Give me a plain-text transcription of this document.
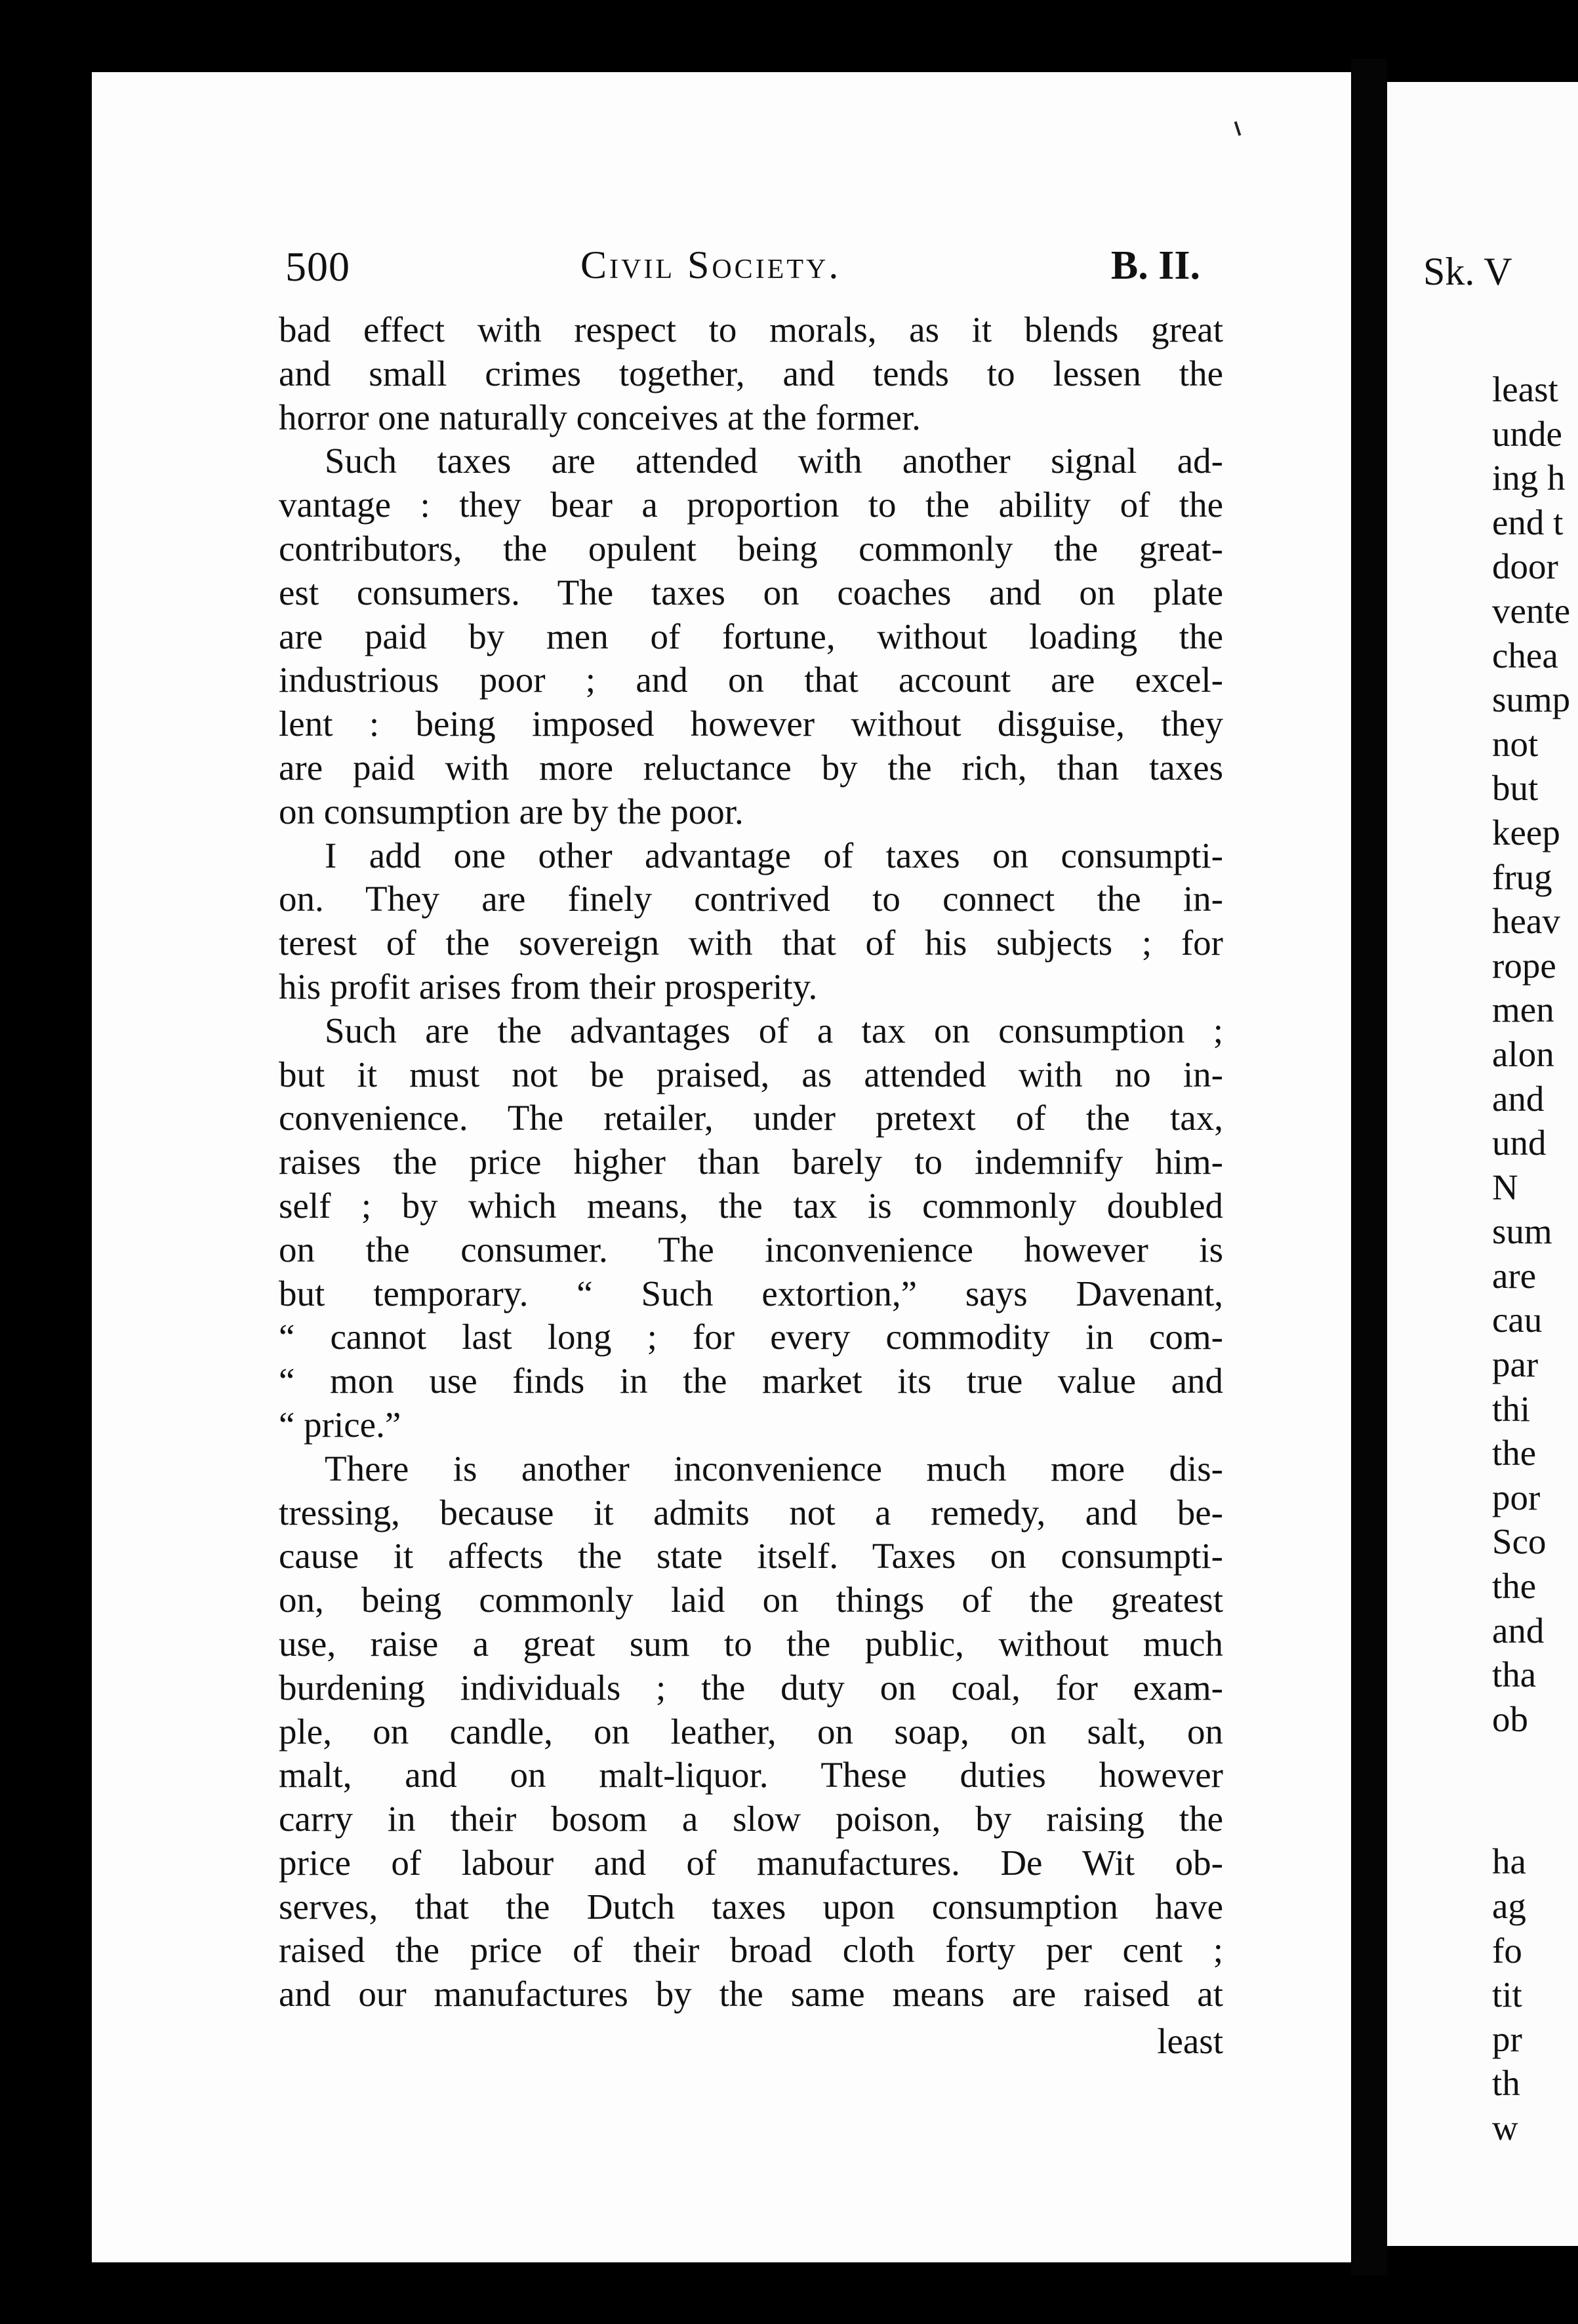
Sk. V
least
unde
ing h
end t
door
vente
chea
sump
not
but
keep
frug
heav
rope
men
alon
and
und
N
sum
are
cau
par
thi
the
por
Sco
the
and
tha
ob
ha
ag
fo
tit
pr
th
w
500	Civil Society.	B. II.
bad effect with respect to morals, as it blends great
and small crimes together, and tends to lessen the
horror one naturally conceives at the former.
Such taxes are attended with another signal ad-
vantage : they bear a proportion to the ability of the
contributors, the opulent being commonly the great-
est consumers. The taxes on coaches and on plate
are paid by men of fortune, without loading the
industrious poor ; and on that account are excel-
lent : being imposed however without disguise, they
are paid with more reluctance by the rich, than taxes
on consumption are by the poor.
I add one other advantage of taxes on consumpti-
on. They are finely contrived to connect the in-
terest of the sovereign with that of his subjects ; for
his profit arises from their prosperity.
Such are the advantages of a tax on consumption ;
but it must not be praised, as attended with no in-
convenience. The retailer, under pretext of the tax,
raises the price higher than barely to indemnify him-
self ; by which means, the tax is commonly doubled
on the consumer. The inconvenience however is
but temporary. “ Such extortion,” says Davenant,
“ cannot last long ; for every commodity in com-
“ mon use finds in the market its true value and
“ price.”
There is another inconvenience much more dis-
tressing, because it admits not a remedy, and be-
cause it affects the state itself. Taxes on consumpti-
on, being commonly laid on things of the greatest
use, raise a great sum to the public, without much
burdening individuals ; the duty on coal, for exam-
ple, on candle, on leather, on soap, on salt, on
malt, and on malt-liquor. These duties however
carry in their bosom a slow poison, by raising the
price of labour and of manufactures. De Wit ob-
serves, that the Dutch taxes upon consumption have
raised the price of their broad cloth forty per cent ;
and our manufactures by the same means are raised at
least
